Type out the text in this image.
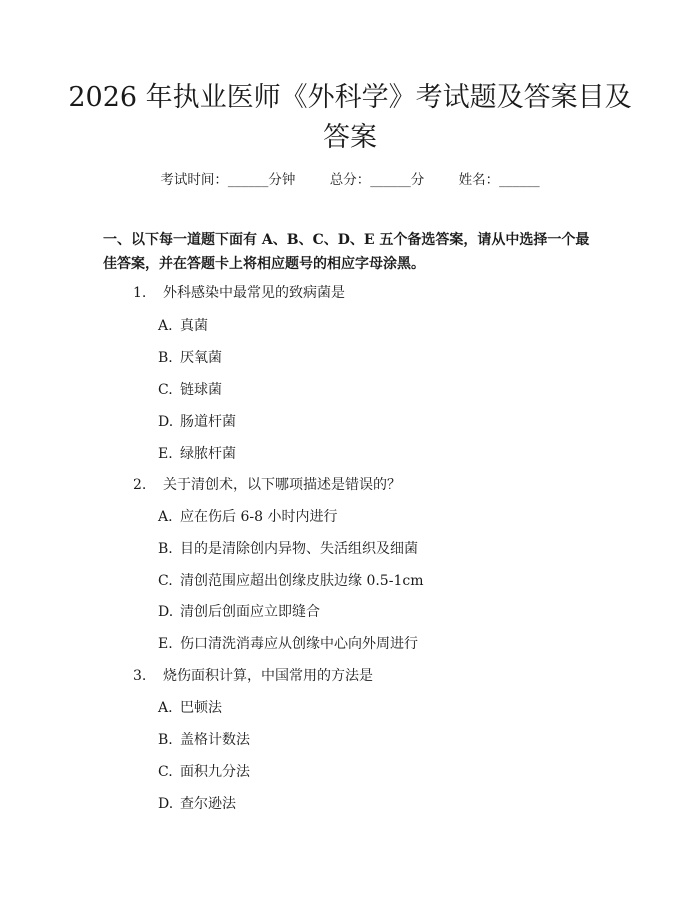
2026 年执业医师《外科学》考试题及答案目及答案
考试时间：______分钟	总分：______分	姓名：______
一、以下每一道题下面有 A、B、C、D、E 五个备选答案，请从中选择一个最佳答案，并在答题卡上将相应题号的相应字母涂黑。
1. 外科感染中最常见的致病菌是
A. 真菌
B. 厌氧菌
C. 链球菌
D. 肠道杆菌
E. 绿脓杆菌
2. 关于清创术，以下哪项描述是错误的？
A. 应在伤后 6-8 小时内进行
B. 目的是清除创内异物、失活组织及细菌
C. 清创范围应超出创缘皮肤边缘 0.5-1cm
D. 清创后创面应立即缝合
E. 伤口清洗消毒应从创缘中心向外周进行
3. 烧伤面积计算，中国常用的方法是
A. 巴顿法
B. 盖格计数法
C. 面积九分法
D. 查尔逊法
